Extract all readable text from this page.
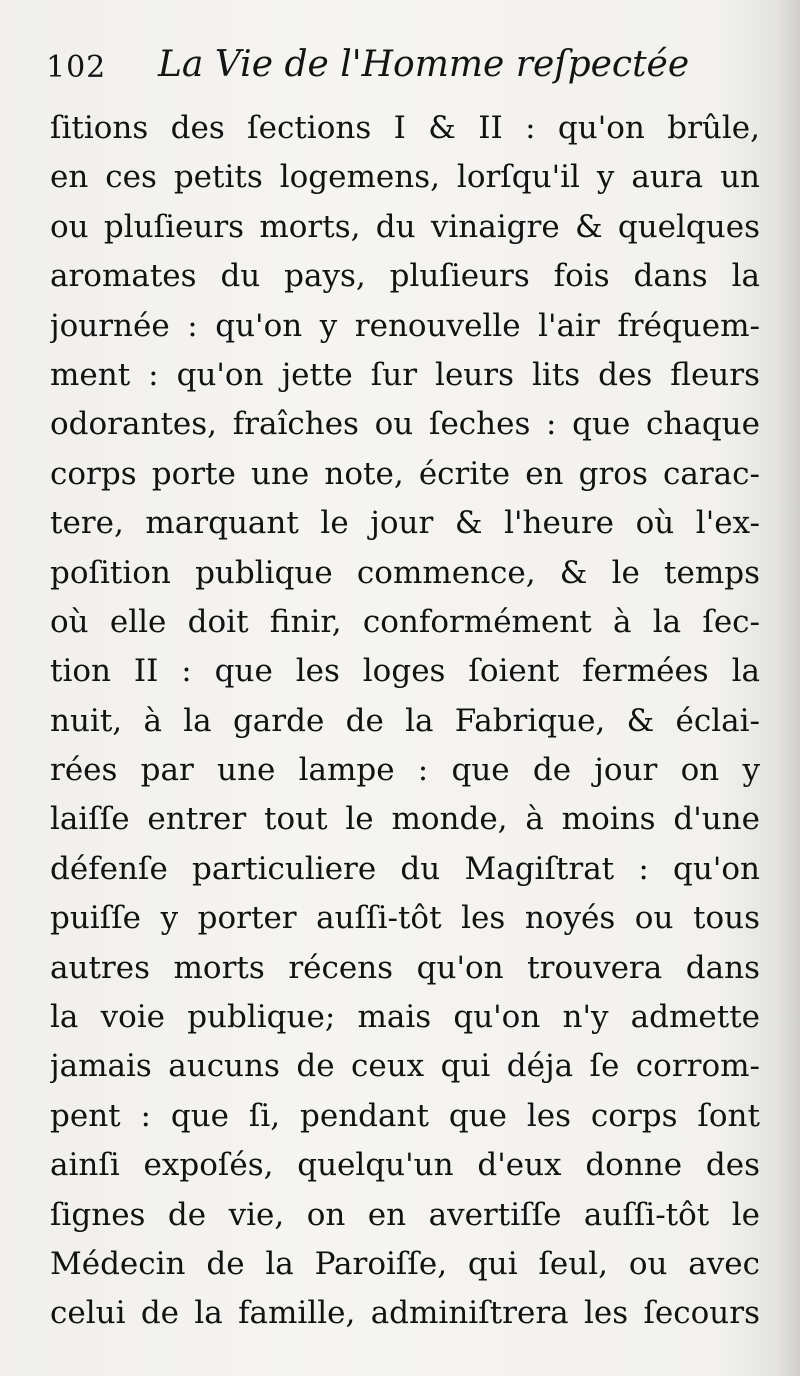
102 La Vie de l'Homme reſpectée
ſitions des ſections I & II : qu'on brûle,
en ces petits logemens, lorſqu'il y aura un
ou pluſieurs morts, du vinaigre & quelques
aromates du pays, pluſieurs fois dans la
journée : qu'on y renouvelle l'air fréquem-
ment : qu'on jette ſur leurs lits des fleurs
odorantes, fraîches ou ſeches : que chaque
corps porte une note, écrite en gros carac-
tere, marquant le jour & l'heure où l'ex-
poſition publique commence, & le temps
où elle doit finir, conformément à la ſec-
tion II : que les loges ſoient fermées la
nuit, à la garde de la Fabrique, & éclai-
rées par une lampe : que de jour on y
laiſſe entrer tout le monde, à moins d'une
défenſe particuliere du Magiſtrat : qu'on
puiſſe y porter auſſi-tôt les noyés ou tous
autres morts récens qu'on trouvera dans
la voie publique; mais qu'on n'y admette
jamais aucuns de ceux qui déja ſe corrom-
pent : que ſi, pendant que les corps ſont
ainſi expoſés, quelqu'un d'eux donne des
ſignes de vie, on en avertiſſe auſſi-tôt le
Médecin de la Paroiſſe, qui ſeul, ou avec
celui de la famille, adminiſtrera les ſecours
